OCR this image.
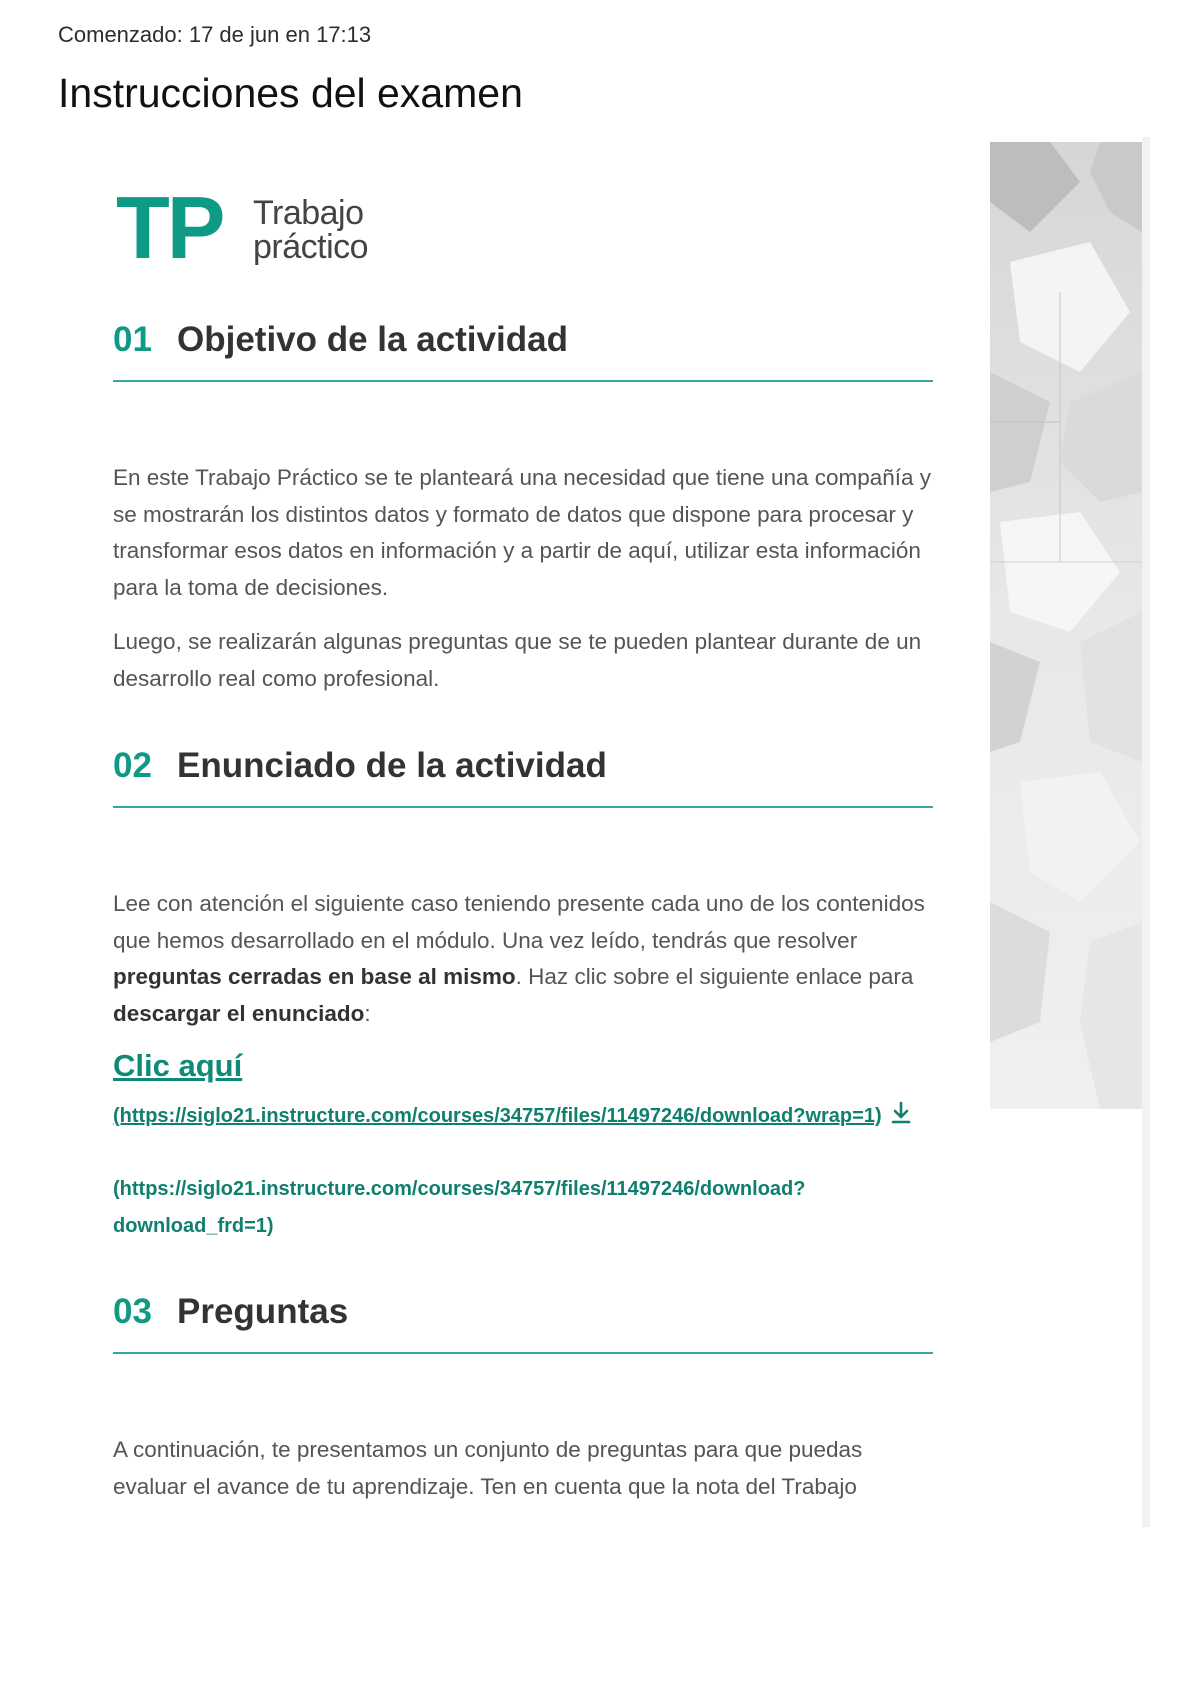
Comenzado: 17 de jun en 17:13

Instrucciones del examen
TP Trabajo
práctico
01 Objetivo de la actividad

En este Trabajo Práctico se te planteará una necesidad que tiene una compañía y se mostrarán los distintos datos y formato de datos que dispone para procesar y transformar esos datos en información y a partir de aquí, utilizar esta información para la toma de decisiones.

Luego, se realizarán algunas preguntas que se te pueden plantear durante de un desarrollo real como profesional.

02 Enunciado de la actividad

Lee con atención el siguiente caso teniendo presente cada uno de los contenidos que hemos desarrollado en el módulo. Una vez leído, tendrás que resolver preguntas cerradas en base al mismo. Haz clic sobre el siguiente enlace para descargar el enunciado:

Clic aquí

(https://siglo21.instructure.com/courses/34757/files/11497246/download?wrap=1)

(https://siglo21.instructure.com/courses/34757/files/11497246/download?download_frd=1)

03 Preguntas

A continuación, te presentamos un conjunto de preguntas para que puedas evaluar el avance de tu aprendizaje. Ten en cuenta que la nota del Trabajo
